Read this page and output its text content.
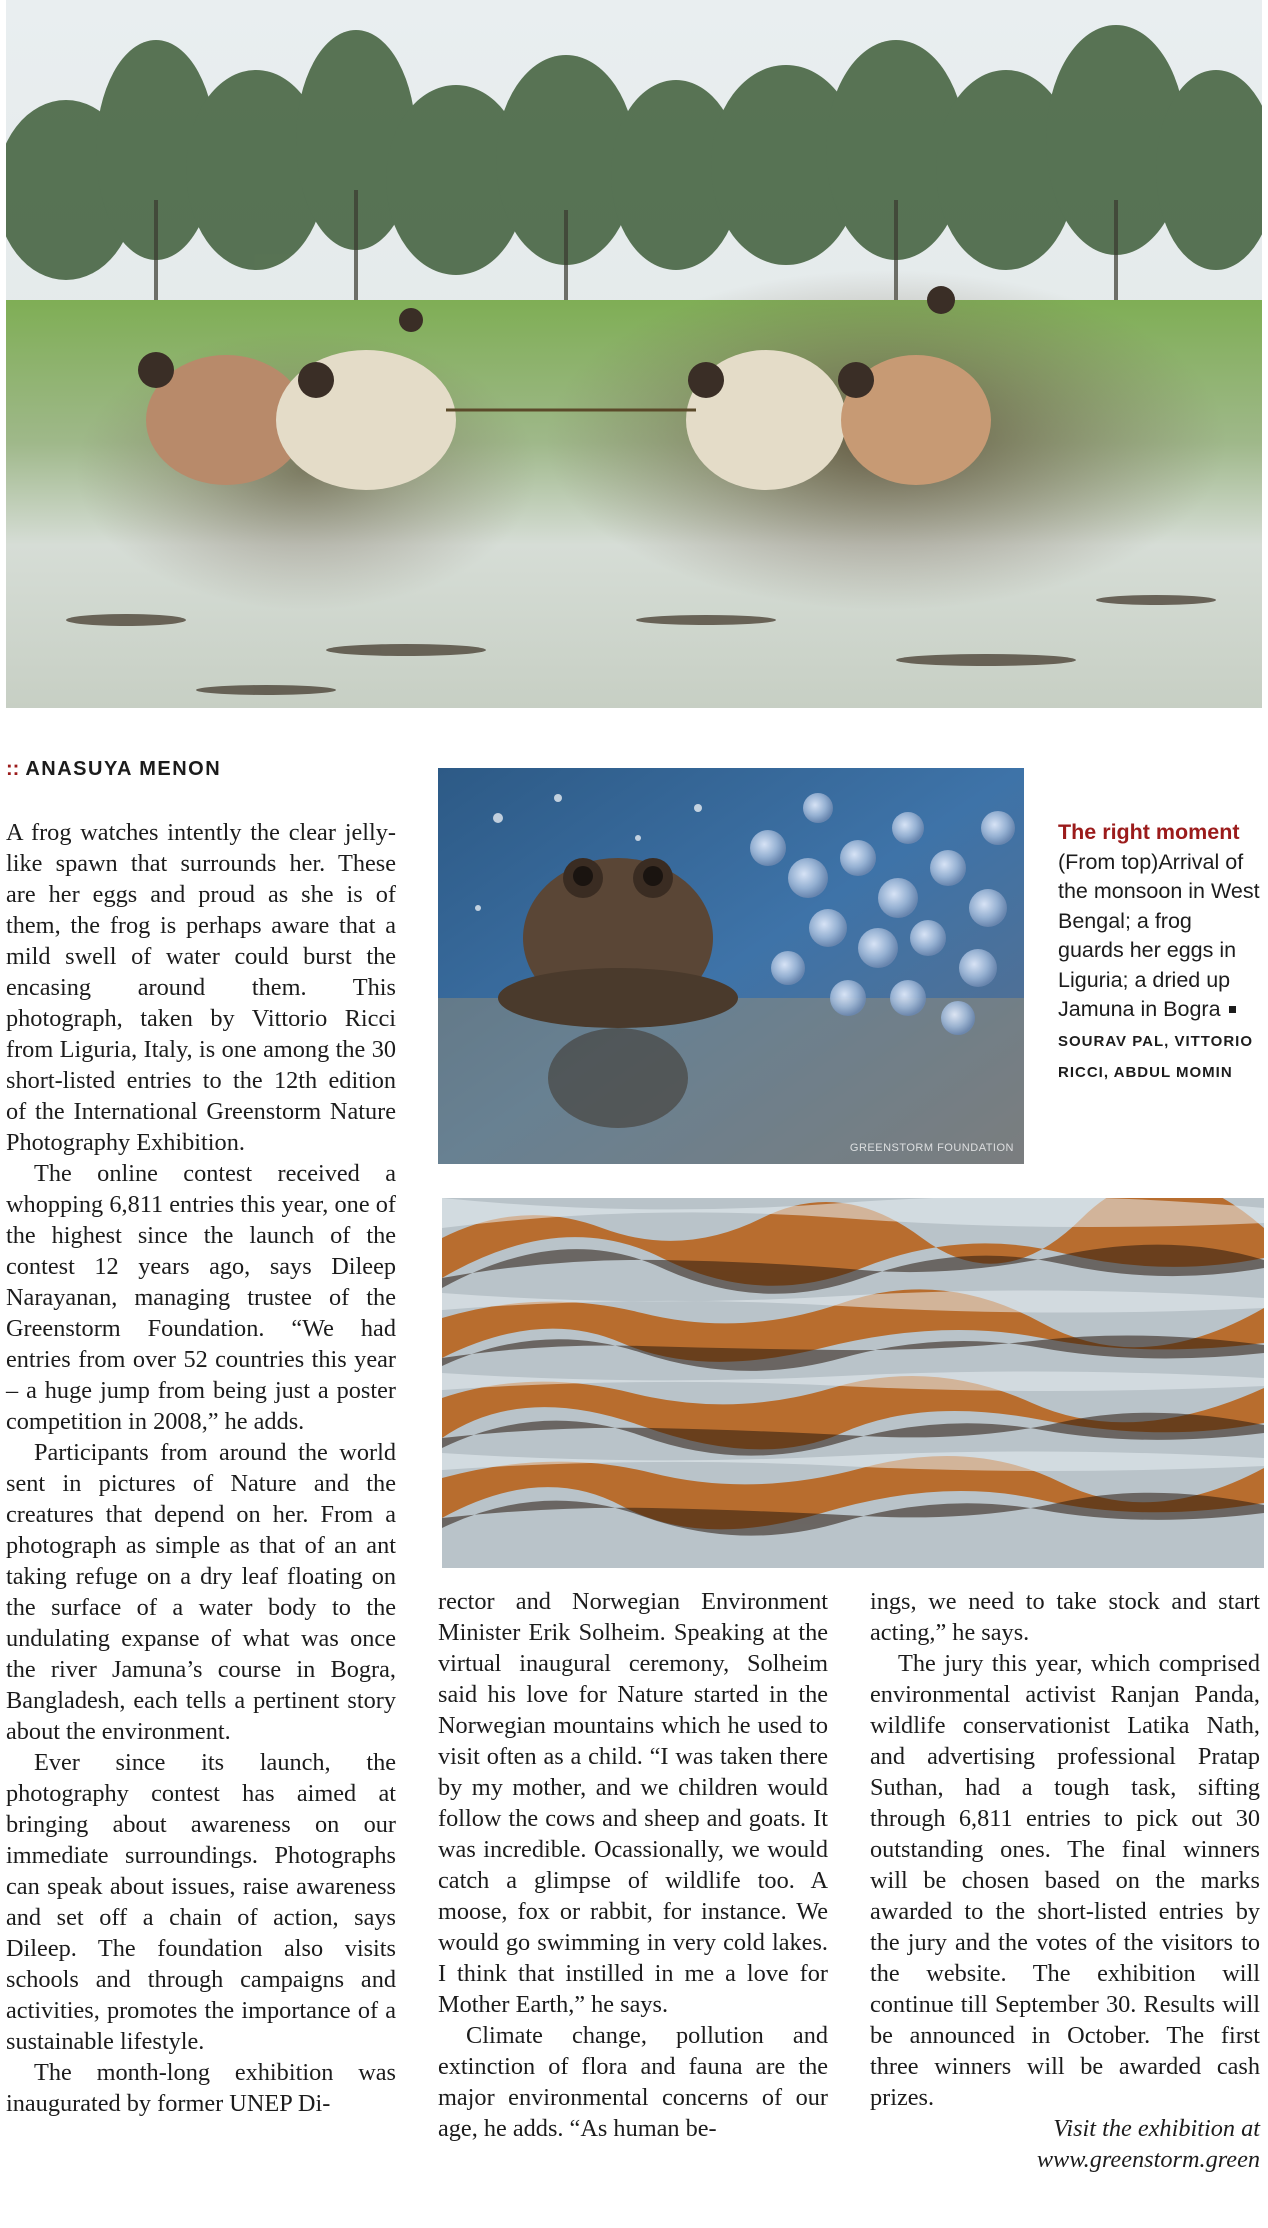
:: ANASUYA MENON
GREENSTORM FOUNDATION
The right moment (From top)Arrival of the monsoon in West Bengal; a frog guards her eggs in Liguria; a dried up Jamuna in BograSOURAV PAL, VITTORIO RICCI, ABDUL MOMIN

A frog watches intently the clear jelly-like spawn that surrounds her. These are her eggs and proud as she is of them, the frog is perhaps aware that a mild swell of water could burst the encasing around them. This photograph, taken by Vittorio Ricci from Liguria, Italy, is one among the 30 short-listed entries to the 12th edition of the International Greenstorm Nature Photography Exhibition.

The online contest received a whopping 6,811 entries this year, one of the highest since the launch of the contest 12 years ago, says Dileep Narayanan, managing trustee of the Greenstorm Foundation. “We had entries from over 52 countries this year – a huge jump from being just a poster competition in 2008,” he adds.

Participants from around the world sent in pictures of Nature and the creatures that depend on her. From a photograph as simple as that of an ant taking refuge on a dry leaf floating on the surface of a water body to the undulating expanse of what was once the river Jamuna’s course in Bogra, Bangladesh, each tells a pertinent story about the environment.

Ever since its launch, the photography contest has aimed at bringing about awareness on our immediate surroundings. Photographs can speak about issues, raise awareness and set off a chain of action, says Dileep. The foundation also visits schools and through campaigns and activities, promotes the importance of a sustainable lifestyle.

The month-long exhibition was inaugurated by former UNEP Di-

rector and Norwegian Environment Minister Erik Solheim. Speaking at the virtual inaugural ceremony, Solheim said his love for Nature started in the Norwegian mountains which he used to visit often as a child. “I was taken there by my mother, and we children would follow the cows and sheep and goats. It was incredible. Ocassionally, we would catch a glimpse of wildlife too. A moose, fox or rabbit, for instance. We would go swimming in very cold lakes. I think that instilled in me a love for Mother Earth,” he says.

Climate change, pollution and extinction of flora and fauna are the major environmental concerns of our age, he adds. “As human be-

ings, we need to take stock and start acting,” he says.

The jury this year, which comprised environmental activist Ranjan Panda, wildlife conservationist Latika Nath, and advertising professional Pratap Suthan, had a tough task, sifting through 6,811 entries to pick out 30 outstanding ones. The final winners will be chosen based on the marks awarded to the short-listed entries by the jury and the votes of the visitors to the website. The exhibition will continue till September 30. Results will be announced in October. The first three winners will be awarded cash prizes.

Visit the exhibition at

www.greenstorm.green
